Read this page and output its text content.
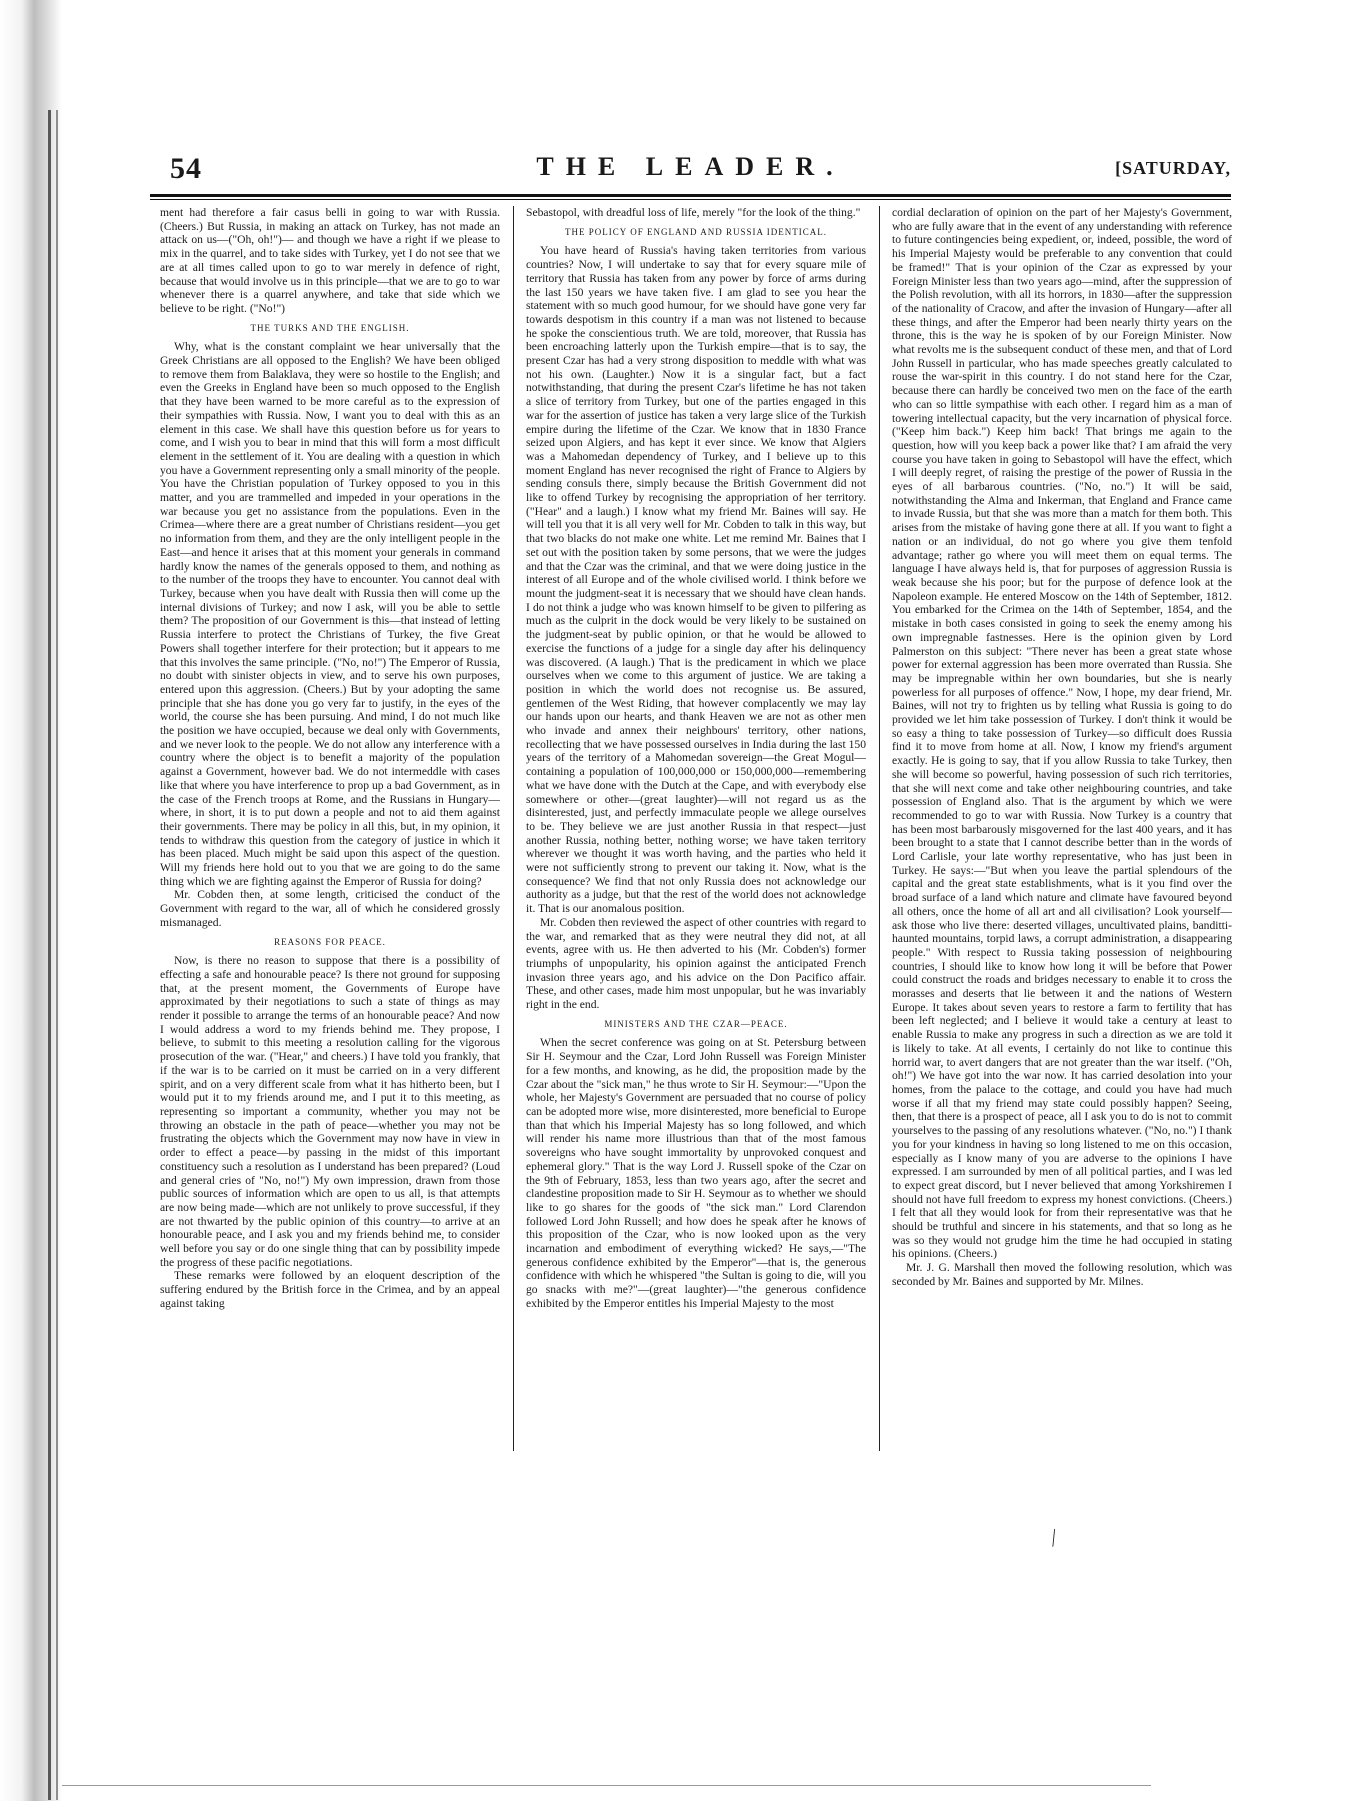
54	THE LEADER.	[SATURDAY,

ment had therefore a fair casus belli in going to war with Russia. (Cheers.) But Russia, in making an attack on Turkey, has not made an attack on us—("Oh, oh!")— and though we have a right if we please to mix in the quarrel, and to take sides with Turkey, yet I do not see that we are at all times called upon to go to war merely in defence of right, because that would involve us in this principle—that we are to go to war whenever there is a quarrel anywhere, and take that side which we believe to be right. ("No!")

THE TURKS AND THE ENGLISH.

Why, what is the constant complaint we hear universally that the Greek Christians are all opposed to the English? We have been obliged to remove them from Balaklava, they were so hostile to the English; and even the Greeks in England have been so much opposed to the English that they have been warned to be more careful as to the expression of their sympathies with Russia. Now, I want you to deal with this as an element in this case. We shall have this question before us for years to come, and I wish you to bear in mind that this will form a most difficult element in the settlement of it. You are dealing with a question in which you have a Government representing only a small minority of the people. You have the Christian population of Turkey opposed to you in this matter, and you are trammelled and impeded in your operations in the war because you get no assistance from the populations. Even in the Crimea—where there are a great number of Christians resident—you get no information from them, and they are the only intelligent people in the East—and hence it arises that at this moment your generals in command hardly know the names of the generals opposed to them, and nothing as to the number of the troops they have to encounter. You cannot deal with Turkey, because when you have dealt with Russia then will come up the internal divisions of Turkey; and now I ask, will you be able to settle them? The proposition of our Government is this—that instead of letting Russia interfere to protect the Christians of Turkey, the five Great Powers shall together interfere for their protection; but it appears to me that this involves the same principle. ("No, no!") The Emperor of Russia, no doubt with sinister objects in view, and to serve his own purposes, entered upon this aggression. (Cheers.) But by your adopting the same principle that she has done you go very far to justify, in the eyes of the world, the course she has been pursuing. And mind, I do not much like the position we have occupied, because we deal only with Governments, and we never look to the people. We do not allow any interference with a country where the object is to benefit a majority of the population against a Government, however bad. We do not intermeddle with cases like that where you have interference to prop up a bad Government, as in the case of the French troops at Rome, and the Russians in Hungary—where, in short, it is to put down a people and not to aid them against their governments. There may be policy in all this, but, in my opinion, it tends to withdraw this question from the category of justice in which it has been placed. Much might be said upon this aspect of the question. Will my friends here hold out to you that we are going to do the same thing which we are fighting against the Emperor of Russia for doing?

Mr. Cobden then, at some length, criticised the conduct of the Government with regard to the war, all of which he considered grossly mismanaged.

REASONS FOR PEACE.

Now, is there no reason to suppose that there is a possibility of effecting a safe and honourable peace? Is there not ground for supposing that, at the present moment, the Governments of Europe have approximated by their negotiations to such a state of things as may render it possible to arrange the terms of an honourable peace? And now I would address a word to my friends behind me. They propose, I believe, to submit to this meeting a resolution calling for the vigorous prosecution of the war. ("Hear," and cheers.) I have told you frankly, that if the war is to be carried on it must be carried on in a very different spirit, and on a very different scale from what it has hitherto been, but I would put it to my friends around me, and I put it to this meeting, as representing so important a community, whether you may not be throwing an obstacle in the path of peace—whether you may not be frustrating the objects which the Government may now have in view in order to effect a peace—by passing in the midst of this important constituency such a resolution as I understand has been prepared? (Loud and general cries of "No, no!") My own impression, drawn from those public sources of information which are open to us all, is that attempts are now being made—which are not unlikely to prove successful, if they are not thwarted by the public opinion of this country—to arrive at an honourable peace, and I ask you and my friends behind me, to consider well before you say or do one single thing that can by possibility impede the progress of these pacific negotiations.

These remarks were followed by an eloquent description of the suffering endured by the British force in the Crimea, and by an appeal against taking

Sebastopol, with dreadful loss of life, merely "for the look of the thing."

THE POLICY OF ENGLAND AND RUSSIA IDENTICAL.

You have heard of Russia's having taken territories from various countries? Now, I will undertake to say that for every square mile of territory that Russia has taken from any power by force of arms during the last 150 years we have taken five. I am glad to see you hear the statement with so much good humour, for we should have gone very far towards despotism in this country if a man was not listened to because he spoke the conscientious truth. We are told, moreover, that Russia has been encroaching latterly upon the Turkish empire—that is to say, the present Czar has had a very strong disposition to meddle with what was not his own. (Laughter.) Now it is a singular fact, but a fact notwithstanding, that during the present Czar's lifetime he has not taken a slice of territory from Turkey, but one of the parties engaged in this war for the assertion of justice has taken a very large slice of the Turkish empire during the lifetime of the Czar. We know that in 1830 France seized upon Algiers, and has kept it ever since. We know that Algiers was a Mahomedan dependency of Turkey, and I believe up to this moment England has never recognised the right of France to Algiers by sending consuls there, simply because the British Government did not like to offend Turkey by recognising the appropriation of her territory. ("Hear" and a laugh.) I know what my friend Mr. Baines will say. He will tell you that it is all very well for Mr. Cobden to talk in this way, but that two blacks do not make one white. Let me remind Mr. Baines that I set out with the position taken by some persons, that we were the judges and that the Czar was the criminal, and that we were doing justice in the interest of all Europe and of the whole civilised world. I think before we mount the judgment-seat it is necessary that we should have clean hands. I do not think a judge who was known himself to be given to pilfering as much as the culprit in the dock would be very likely to be sustained on the judgment-seat by public opinion, or that he would be allowed to exercise the functions of a judge for a single day after his delinquency was discovered. (A laugh.) That is the predicament in which we place ourselves when we come to this argument of justice. We are taking a position in which the world does not recognise us. Be assured, gentlemen of the West Riding, that however complacently we may lay our hands upon our hearts, and thank Heaven we are not as other men who invade and annex their neighbours' territory, other nations, recollecting that we have possessed ourselves in India during the last 150 years of the territory of a Mahomedan sovereign—the Great Mogul—containing a population of 100,000,000 or 150,000,000—remembering what we have done with the Dutch at the Cape, and with everybody else somewhere or other—(great laughter)—will not regard us as the disinterested, just, and perfectly immaculate people we allege ourselves to be. They believe we are just another Russia in that respect—just another Russia, nothing better, nothing worse; we have taken territory wherever we thought it was worth having, and the parties who held it were not sufficiently strong to prevent our taking it. Now, what is the consequence? We find that not only Russia does not acknowledge our authority as a judge, but that the rest of the world does not acknowledge it. That is our anomalous position.

Mr. Cobden then reviewed the aspect of other countries with regard to the war, and remarked that as they were neutral they did not, at all events, agree with us. He then adverted to his (Mr. Cobden's) former triumphs of unpopularity, his opinion against the anticipated French invasion three years ago, and his advice on the Don Pacifico affair. These, and other cases, made him most unpopular, but he was invariably right in the end.

MINISTERS AND THE CZAR—PEACE.

When the secret conference was going on at St. Petersburg between Sir H. Seymour and the Czar, Lord John Russell was Foreign Minister for a few months, and knowing, as he did, the proposition made by the Czar about the "sick man," he thus wrote to Sir H. Seymour:—"Upon the whole, her Majesty's Government are persuaded that no course of policy can be adopted more wise, more disinterested, more beneficial to Europe than that which his Imperial Majesty has so long followed, and which will render his name more illustrious than that of the most famous sovereigns who have sought immortality by unprovoked conquest and ephemeral glory." That is the way Lord J. Russell spoke of the Czar on the 9th of February, 1853, less than two years ago, after the secret and clandestine proposition made to Sir H. Seymour as to whether we should like to go shares for the goods of "the sick man." Lord Clarendon followed Lord John Russell; and how does he speak after he knows of this proposition of the Czar, who is now looked upon as the very incarnation and embodiment of everything wicked? He says,—"The generous confidence exhibited by the Emperor"—that is, the generous confidence with which he whispered "the Sultan is going to die, will you go snacks with me?"—(great laughter)—"the generous confidence exhibited by the Emperor entitles his Imperial Majesty to the most

cordial declaration of opinion on the part of her Majesty's Government, who are fully aware that in the event of any understanding with reference to future contingencies being expedient, or, indeed, possible, the word of his Imperial Majesty would be preferable to any convention that could be framed!" That is your opinion of the Czar as expressed by your Foreign Minister less than two years ago—mind, after the suppression of the Polish revolution, with all its horrors, in 1830—after the suppression of the nationality of Cracow, and after the invasion of Hungary—after all these things, and after the Emperor had been nearly thirty years on the throne, this is the way he is spoken of by our Foreign Minister. Now what revolts me is the subsequent conduct of these men, and that of Lord John Russell in particular, who has made speeches greatly calculated to rouse the war-spirit in this country. I do not stand here for the Czar, because there can hardly be conceived two men on the face of the earth who can so little sympathise with each other. I regard him as a man of towering intellectual capacity, but the very incarnation of physical force. ("Keep him back.") Keep him back! That brings me again to the question, how will you keep back a power like that? I am afraid the very course you have taken in going to Sebastopol will have the effect, which I will deeply regret, of raising the prestige of the power of Russia in the eyes of all barbarous countries. ("No, no.") It will be said, notwithstanding the Alma and Inkerman, that England and France came to invade Russia, but that she was more than a match for them both. This arises from the mistake of having gone there at all. If you want to fight a nation or an individual, do not go where you give them tenfold advantage; rather go where you will meet them on equal terms. The language I have always held is, that for purposes of aggression Russia is weak because she his poor; but for the purpose of defence look at the Napoleon example. He entered Moscow on the 14th of September, 1812. You embarked for the Crimea on the 14th of September, 1854, and the mistake in both cases consisted in going to seek the enemy among his own impregnable fastnesses. Here is the opinion given by Lord Palmerston on this subject: "There never has been a great state whose power for external aggression has been more overrated than Russia. She may be impregnable within her own boundaries, but she is nearly powerless for all purposes of offence." Now, I hope, my dear friend, Mr. Baines, will not try to frighten us by telling what Russia is going to do provided we let him take possession of Turkey. I don't think it would be so easy a thing to take possession of Turkey—so difficult does Russia find it to move from home at all. Now, I know my friend's argument exactly. He is going to say, that if you allow Russia to take Turkey, then she will become so powerful, having possession of such rich territories, that she will next come and take other neighbouring countries, and take possession of England also. That is the argument by which we were recommended to go to war with Russia. Now Turkey is a country that has been most barbarously misgoverned for the last 400 years, and it has been brought to a state that I cannot describe better than in the words of Lord Carlisle, your late worthy representative, who has just been in Turkey. He says:—"But when you leave the partial splendours of the capital and the great state establishments, what is it you find over the broad surface of a land which nature and climate have favoured beyond all others, once the home of all art and all civilisation? Look yourself—ask those who live there: deserted villages, uncultivated plains, banditti-haunted mountains, torpid laws, a corrupt administration, a disappearing people." With respect to Russia taking possession of neighbouring countries, I should like to know how long it will be before that Power could construct the roads and bridges necessary to enable it to cross the morasses and deserts that lie between it and the nations of Western Europe. It takes about seven years to restore a farm to fertility that has been left neglected; and I believe it would take a century at least to enable Russia to make any progress in such a direction as we are told it is likely to take. At all events, I certainly do not like to continue this horrid war, to avert dangers that are not greater than the war itself. ("Oh, oh!") We have got into the war now. It has carried desolation into your homes, from the palace to the cottage, and could you have had much worse if all that my friend may state could possibly happen? Seeing, then, that there is a prospect of peace, all I ask you to do is not to commit yourselves to the passing of any resolutions whatever. ("No, no.") I thank you for your kindness in having so long listened to me on this occasion, especially as I know many of you are adverse to the opinions I have expressed. I am surrounded by men of all political parties, and I was led to expect great discord, but I never believed that among Yorkshiremen I should not have full freedom to express my honest convictions. (Cheers.) I felt that all they would look for from their representative was that he should be truthful and sincere in his statements, and that so long as he was so they would not grudge him the time he had occupied in stating his opinions. (Cheers.)

Mr. J. G. Marshall then moved the following resolution, which was seconded by Mr. Baines and supported by Mr. Milnes.

⁄
